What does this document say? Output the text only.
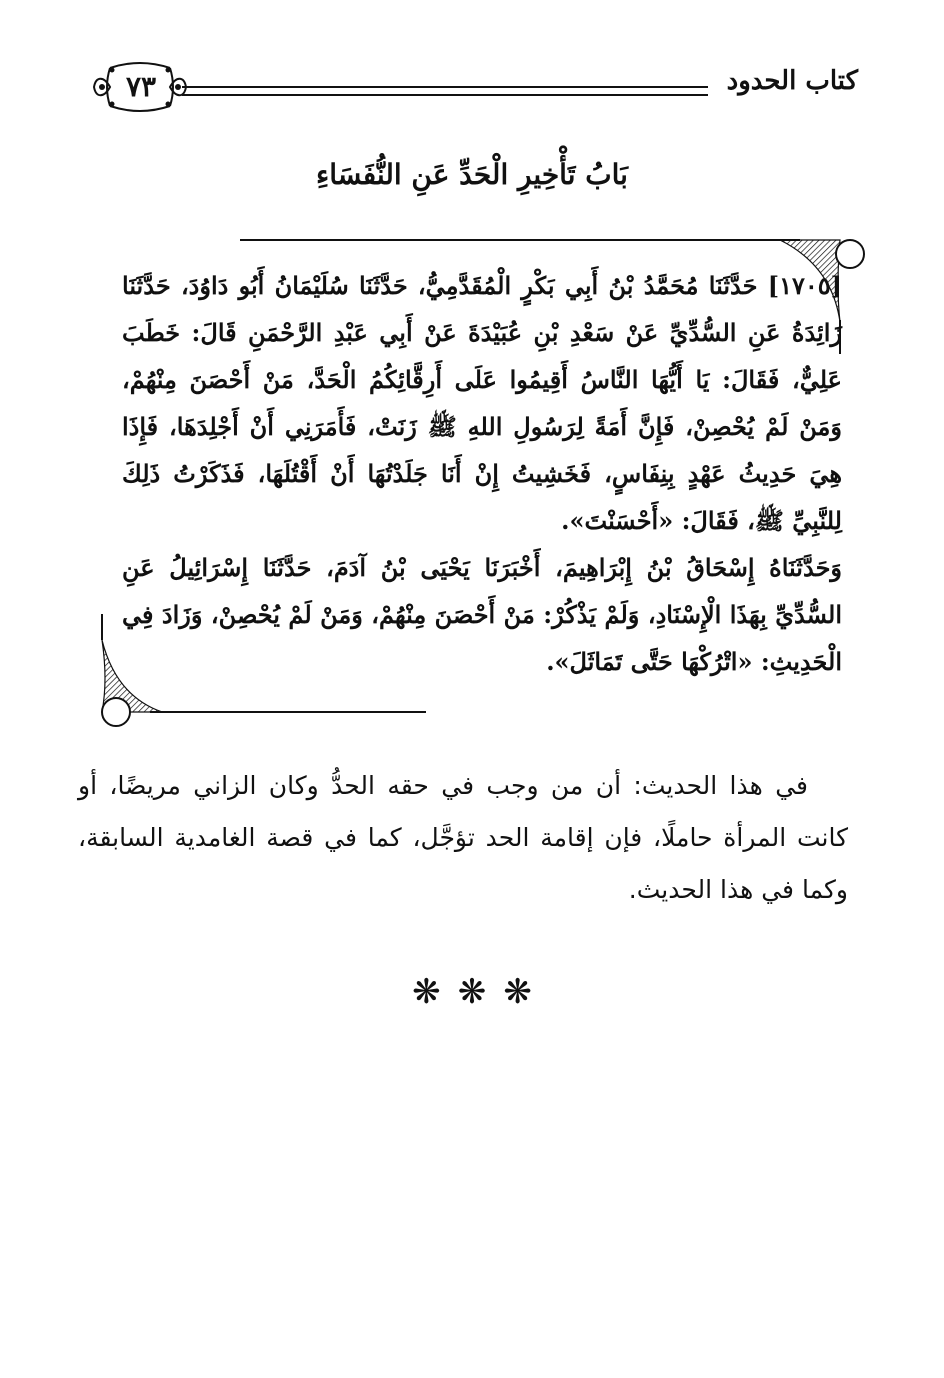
٧٣	كتاب الحدود
بَابُ تَأْخِيرِ الْحَدِّ عَنِ النُّفَسَاءِ

[١٧٠٥] حَدَّثَنَا مُحَمَّدُ بْنُ أَبِي بَكْرٍ الْمُقَدَّمِيُّ، حَدَّثَنَا سُلَيْمَانُ أَبُو دَاوُدَ، حَدَّثَنَا زَائِدَةُ عَنِ السُّدِّيِّ عَنْ سَعْدِ بْنِ عُبَيْدَةَ عَنْ أَبِي عَبْدِ الرَّحْمَنِ قَالَ: خَطَبَ عَلِيٌّ، فَقَالَ: يَا أَيُّهَا النَّاسُ أَقِيمُوا عَلَى أَرِقَّائِكُمُ الْحَدَّ، مَنْ أَحْصَنَ مِنْهُمْ، وَمَنْ لَمْ يُحْصِنْ، فَإِنَّ أَمَةً لِرَسُولِ اللهِ ﷺ زَنَتْ، فَأَمَرَنِي أَنْ أَجْلِدَهَا، فَإِذَا هِيَ حَدِيثُ عَهْدٍ بِنِفَاسٍ، فَخَشِيتُ إِنْ أَنَا جَلَدْتُهَا أَنْ أَقْتُلَهَا، فَذَكَرْتُ ذَلِكَ لِلنَّبِيِّ ﷺ، فَقَالَ: «أَحْسَنْتَ».

وَحَدَّثَنَاهُ إِسْحَاقُ بْنُ إِبْرَاهِيمَ، أَخْبَرَنَا يَحْيَى بْنُ آدَمَ، حَدَّثَنَا إِسْرَائِيلُ عَنِ السُّدِّيِّ بِهَذَا الْإِسْنَادِ، وَلَمْ يَذْكُرْ: مَنْ أَحْصَنَ مِنْهُمْ، وَمَنْ لَمْ يُحْصِنْ، وَزَادَ فِي الْحَدِيثِ: «اتْرُكْهَا حَتَّى تَمَاثَلَ».

في هذا الحديث: أن من وجب في حقه الحدُّ وكان الزاني مريضًا، أو كانت المرأة حاملًا، فإن إقامة الحد تؤجَّل، كما في قصة الغامدية السابقة، وكما في هذا الحديث.

❋ ❋ ❋
